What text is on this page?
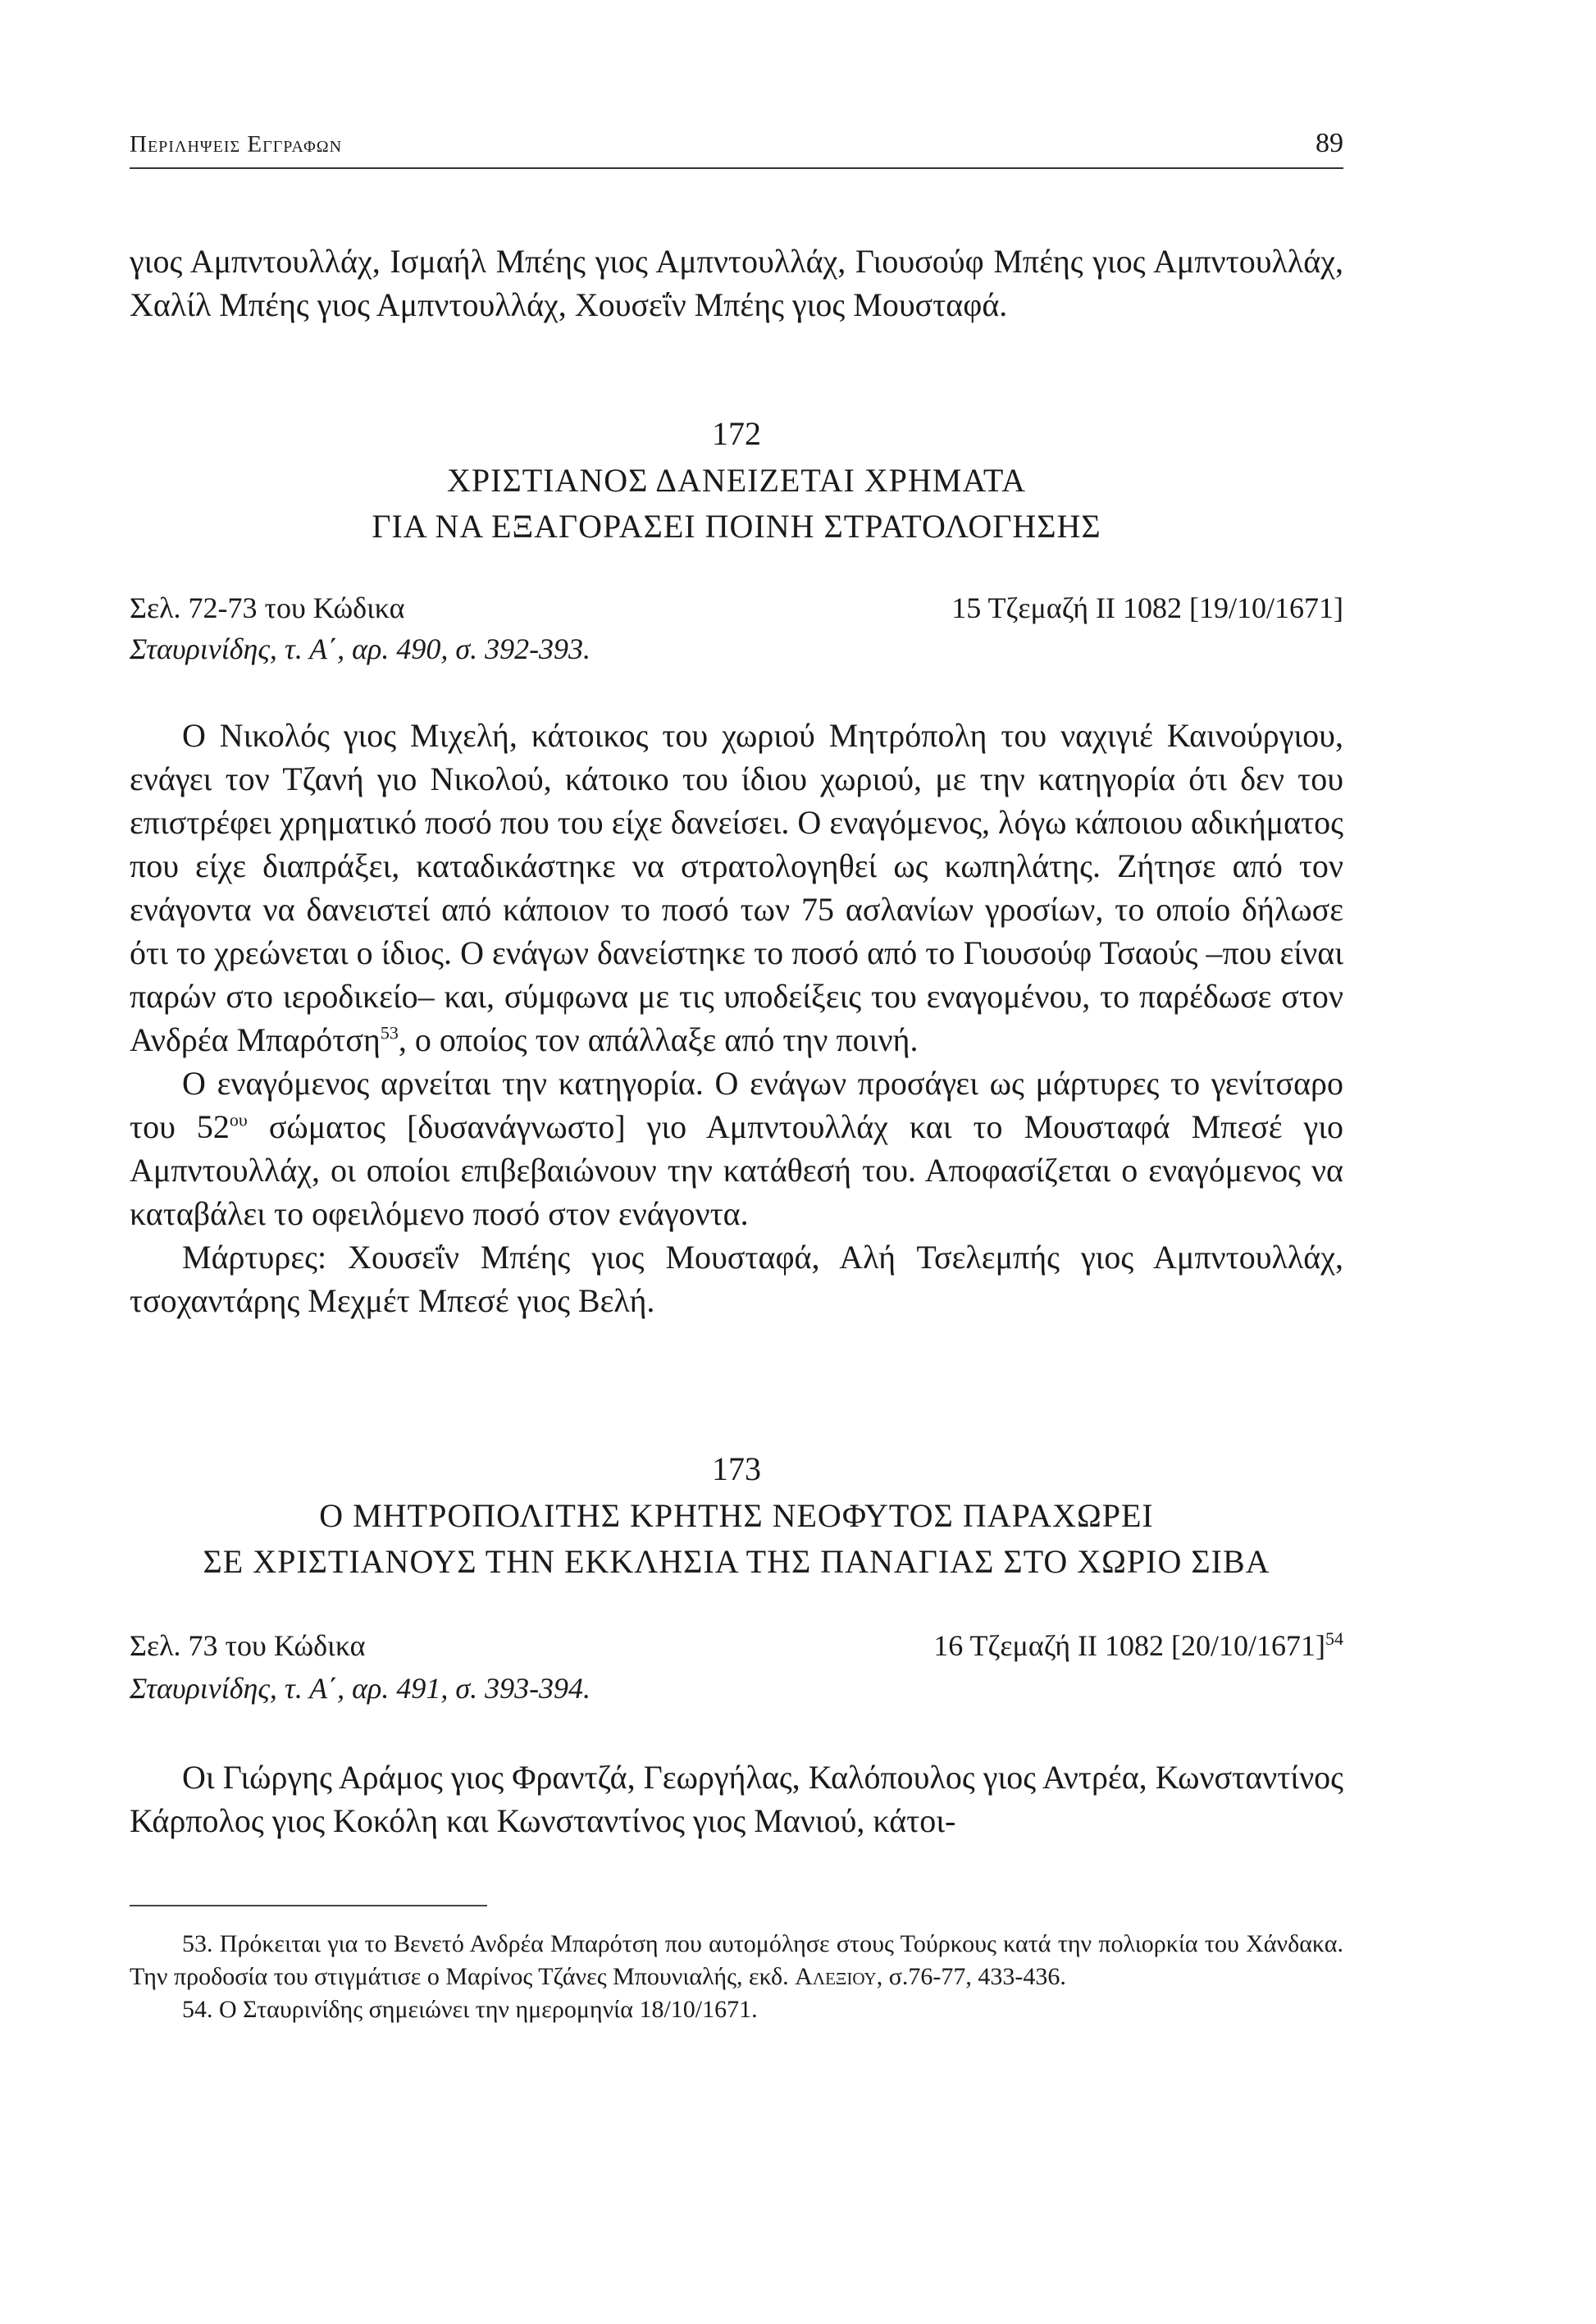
Περιληψεις Εγγραφων	89

γιος Αμπντουλλάχ, Ισμαήλ Μπέης γιος Αμπντουλλάχ, Γιουσούφ Μπέης γιος Αμπντουλλάχ, Χαλίλ Μπέης γιος Αμπντουλλάχ, Χουσεΐν Μπέης γιος Μουσταφά.

172
ΧΡΙΣΤΙΑΝΟΣ ΔΑΝΕΙΖΕΤΑΙ ΧΡΗΜΑΤΑ
ΓΙΑ ΝΑ ΕΞΑΓΟΡΑΣΕΙ ΠΟΙΝΗ ΣΤΡΑΤΟΛΟΓΗΣΗΣ
Σελ. 72-73 του Κώδικα	15 Τζεμαζή ΙΙ 1082 [19/10/1671]
Σταυρινίδης, τ. Α΄, αρ. 490, σ. 392-393.
Ο Νικολός γιος Μιχελή, κάτοικος του χωριού Μητρόπολη του ναχιγιέ Καινούργιου, ενάγει τον Τζανή γιο Νικολού, κάτοικο του ίδιου χωριού, με την κατηγορία ότι δεν του επιστρέφει χρηματικό ποσό που του είχε δανείσει. Ο εναγόμενος, λόγω κάποιου αδικήματος που είχε διαπράξει, καταδικάστηκε να στρατολογηθεί ως κωπηλάτης. Ζήτησε από τον ενάγοντα να δανειστεί από κάποιον το ποσό των 75 ασλανίων γροσίων, το οποίο δήλωσε ότι το χρεώνεται ο ίδιος. Ο ενάγων δανείστηκε το ποσό από το Γιουσούφ Τσαούς –που είναι παρών στο ιεροδικείο– και, σύμφωνα με τις υποδείξεις του εναγομένου, το παρέδωσε στον Ανδρέα Μπαρότση$^{53}$, ο οποίος τον απάλλαξε από την ποινή.
Ο εναγόμενος αρνείται την κατηγορία. Ο ενάγων προσάγει ως μάρτυρες το γενίτσαρο του $52^{o\upsilon}$ σώματος [δυσανάγνωστο] γιο Αμπντουλλάχ και το Μουσταφά Μπεσέ γιο Αμπντουλλάχ, οι οποίοι επιβεβαιώνουν την κατάθεσή του. Αποφασίζεται ο εναγόμενος να καταβάλει το οφειλόμενο ποσό στον ενάγοντα.
Μάρτυρες: Χουσεΐν Μπέης γιος Μουσταφά, Αλή Τσελεμπής γιος Αμπντουλλάχ, τσοχαντάρης Μεχμέτ Μπεσέ γιος Βελή.
173
Ο ΜΗΤΡΟΠΟΛΙΤΗΣ ΚΡΗΤΗΣ ΝΕΟΦΥΤΟΣ ΠΑΡΑΧΩΡΕΙ
ΣΕ ΧΡΙΣΤΙΑΝΟΥΣ ΤΗΝ ΕΚΚΛΗΣΙΑ ΤΗΣ ΠΑΝΑΓΙΑΣ ΣΤΟ ΧΩΡΙΟ ΣΙΒΑ
Σελ. 73 του Κώδικα	16 Τζεμαζή ΙΙ 1082 $[20/10/1671]^{54}$
Σταυρινίδης, τ. Α΄, αρ. 491, σ. 393-394.
Οι Γιώργης Αράμος γιος Φραντζά, Γεωργήλας, Καλόπουλος γιος Αντρέα, Κωνσταντίνος Κάρπολος γιος Κοκόλη και Κωνσταντίνος γιος Μανιού, κάτοι-

53. Πρόκειται για το Βενετό Ανδρέα Μπαρότση που αυτομόλησε στους Τούρκους κατά την πολιορκία του Χάνδακα. Την προδοσία του στιγμάτισε ο Μαρίνος Τζάνες Μπουνιαλής, εκδ. Αλεξιου, σ.76-77, 433-436.

54. Ο Σταυρινίδης σημειώνει την ημερομηνία 18/10/1671.
